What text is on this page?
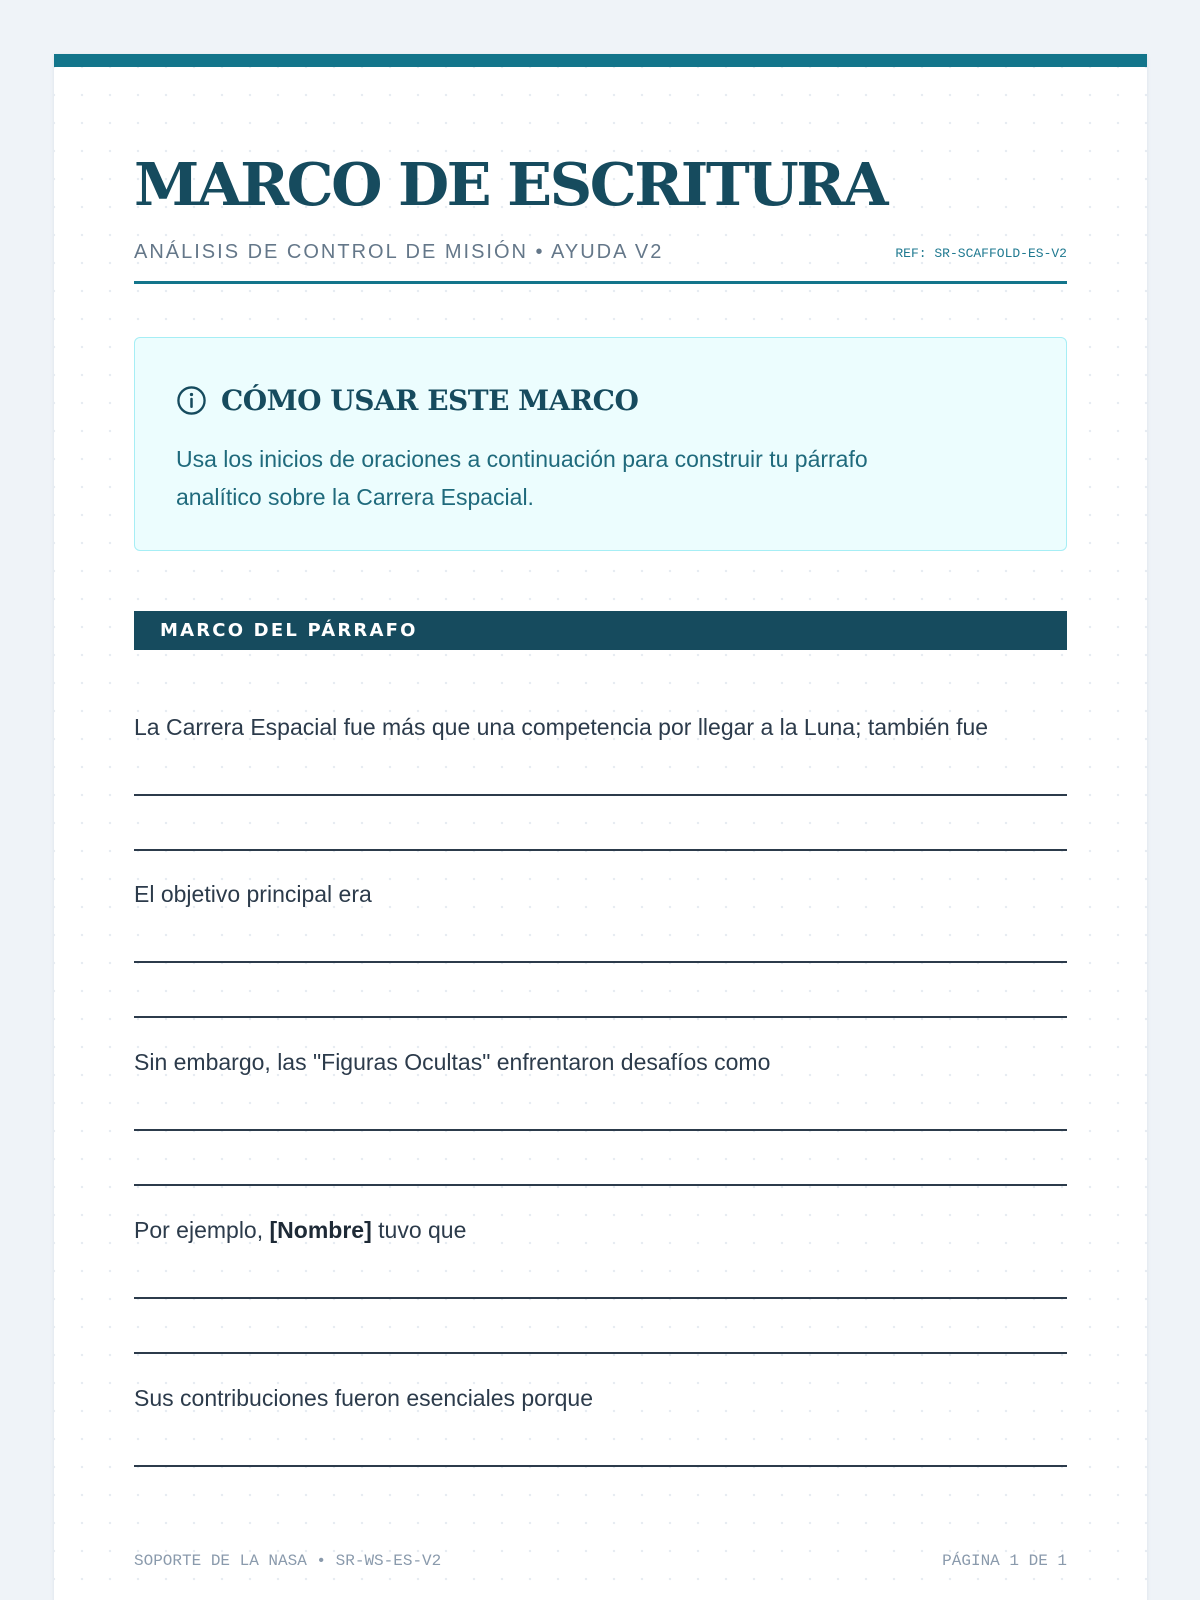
MARCO DE ESCRITURA
ANÁLISIS DE CONTROL DE MISIÓN • AYUDA V2	REF: SR-SCAFFOLD-ES-V2
CÓMO USAR ESTE MARCO

Usa los inicios de oraciones a continuación para construir tu párrafo analítico sobre la Carrera Espacial.

MARCO DEL PÁRRAFO
La Carrera Espacial fue más que una competencia por llegar a la Luna; también fue
El objetivo principal era
Sin embargo, las "Figuras Ocultas" enfrentaron desafíos como
Por ejemplo, [Nombre] tuvo que
Sus contribuciones fueron esenciales porque
SOPORTE DE LA NASA • SR-WS-ES-V2	PÁGINA 1 DE 1
